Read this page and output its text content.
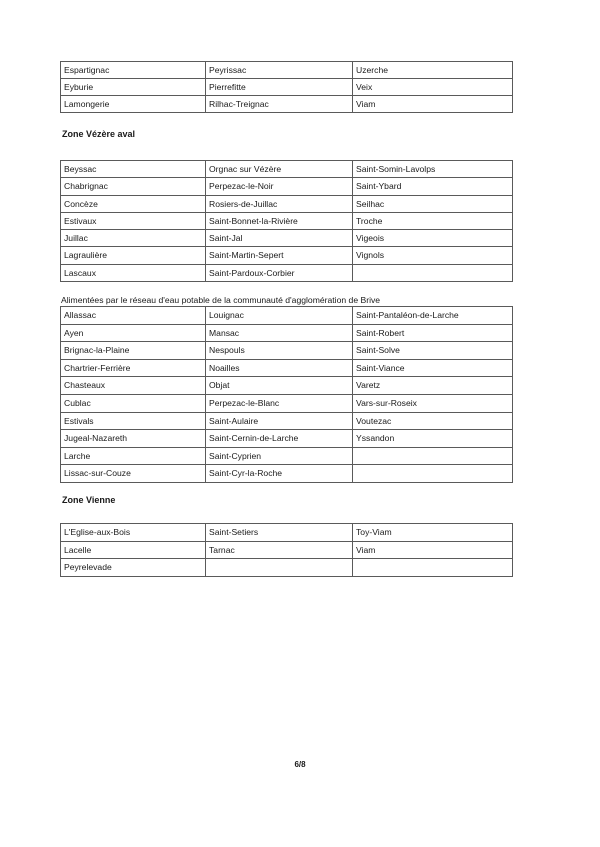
Espartignac	Peyrissac	Uzerche
Eyburie	Pierrefitte	Veix
Lamongerie	Rilhac-Treignac	Viam
Zone Vézère aval
Beyssac	Orgnac sur Vézère	Saint-Somin-Lavolps
Chabrignac	Perpezac-le-Noir	Saint-Ybard
Concèze	Rosiers-de-Juillac	Seilhac
Estivaux	Saint-Bonnet-la-Rivière	Troche
Juillac	Saint-Jal	Vigeois
Lagraulière	Saint-Martin-Sepert	Vignols
Lascaux	Saint-Pardoux-Corbier	
Alimentées par le réseau d'eau potable de la communauté d'agglomération de Brive
Allassac	Louignac	Saint-Pantaléon-de-Larche
Ayen	Mansac	Saint-Robert
Brignac-la-Plaine	Nespouls	Saint-Solve
Chartrier-Ferrière	Noailles	Saint-Viance
Chasteaux	Objat	Varetz
Cublac	Perpezac-le-Blanc	Vars-sur-Roseix
Estivals	Saint-Aulaire	Voutezac
Jugeal-Nazareth	Saint-Cernin-de-Larche	Yssandon
Larche	Saint-Cyprien	
Lissac-sur-Couze	Saint-Cyr-la-Roche	
Zone Vienne
L'Eglise-aux-Bois	Saint-Setiers	Toy-Viam
Lacelle	Tarnac	Viam
Peyrelevade		
6/8
